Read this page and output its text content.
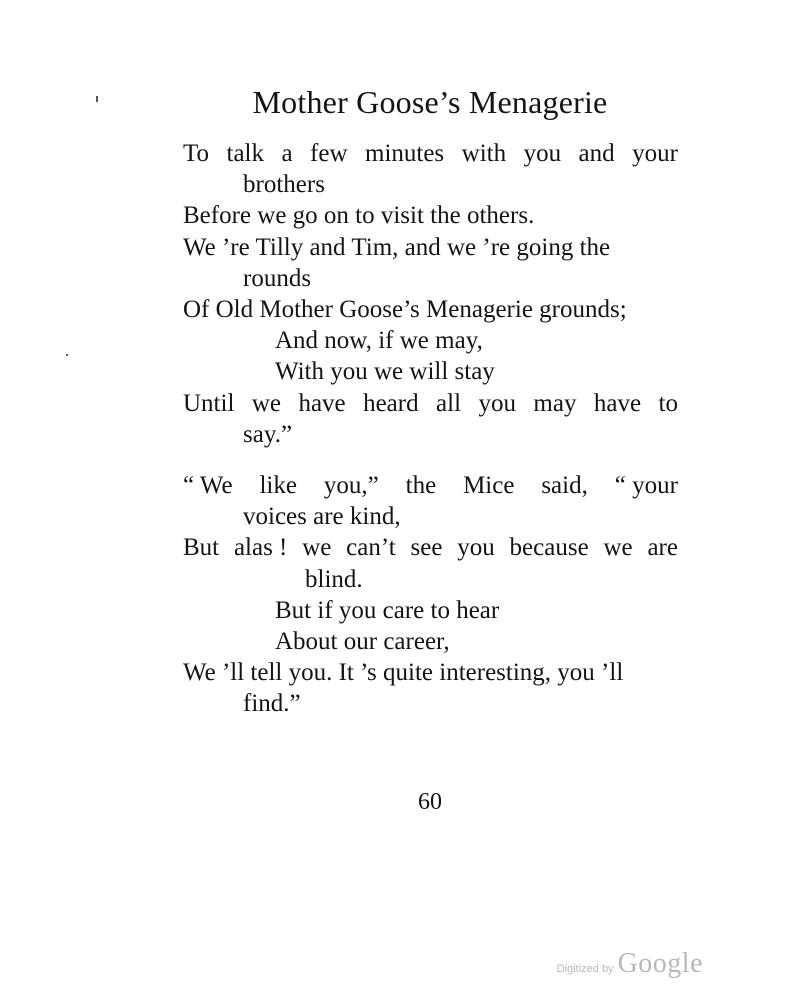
Mother Goose’s Menagerie
To talk a few minutes with you and your
brothers
Before we go on to visit the others.
We ’re Tilly and Tim, and we ’re going the
rounds
Of Old Mother Goose’s Menagerie grounds;
And now, if we may,
With you we will stay
Until we have heard all you may have to
say.”
“ We like you,” the Mice said, “ your
voices are kind,
But alas ! we can’t see you because we are
blind.
But if you care to hear
About our career,
We ’ll tell you. It ’s quite interesting, you ’ll
find.”
60
Digitized by Google
